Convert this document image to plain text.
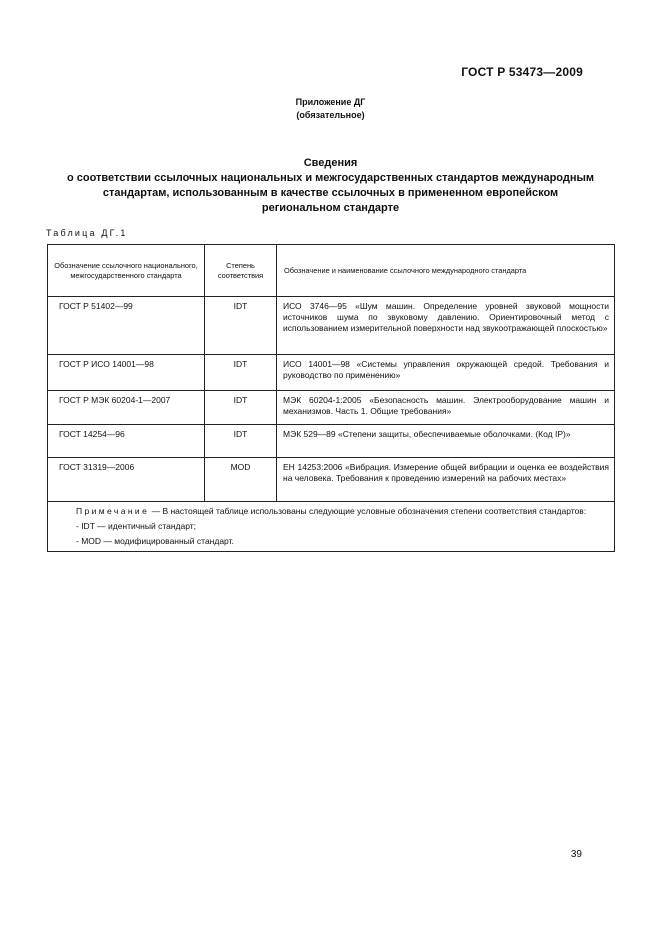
ГОСТ Р 53473—2009
Приложение ДГ
(обязательное)
Сведения
о соответствии ссылочных национальных и межгосударственных стандартов международным
стандартам, использованным в качестве ссылочных в примененном европейском
региональном стандарте
Таблица ДГ.1
Обозначение ссылочного национального, межгосударственного стандарта	Степень соответствия	Обозначение и наименование ссылочного международного стандарта
ГОСТ Р 51402—99	IDT	ИСО 3746—95 «Шум машин. Определение уровней звуковой мощности источников шума по звуковому давлению. Ориентировочный метод с использованием измерительной поверхности над звукоотражающей плоскостью»
ГОСТ Р ИСО 14001—98	IDT	ИСО 14001—98 «Системы управления окружающей средой. Требования и руководство по применению»
ГОСТ Р МЭК 60204-1—2007	IDT	МЭК 60204-1:2005 «Безопасность машин. Электрооборудование машин и механизмов. Часть 1. Общие требования»
ГОСТ 14254—96	IDT	МЭК 529—89 «Степени защиты, обеспечиваемые оболочками. (Код IP)»
ГОСТ 31319—2006	MOD	ЕН 14253:2006 «Вибрация. Измерение общей вибрации и оценка ее воздействия на человека. Требования к проведению измерений на рабочих местах»

Примечание — В настоящей таблице использованы следующие условные обозначения степени соответствия стандартов:
- IDT — идентичный стандарт;
- MOD — модифицированный стандарт.		
39
